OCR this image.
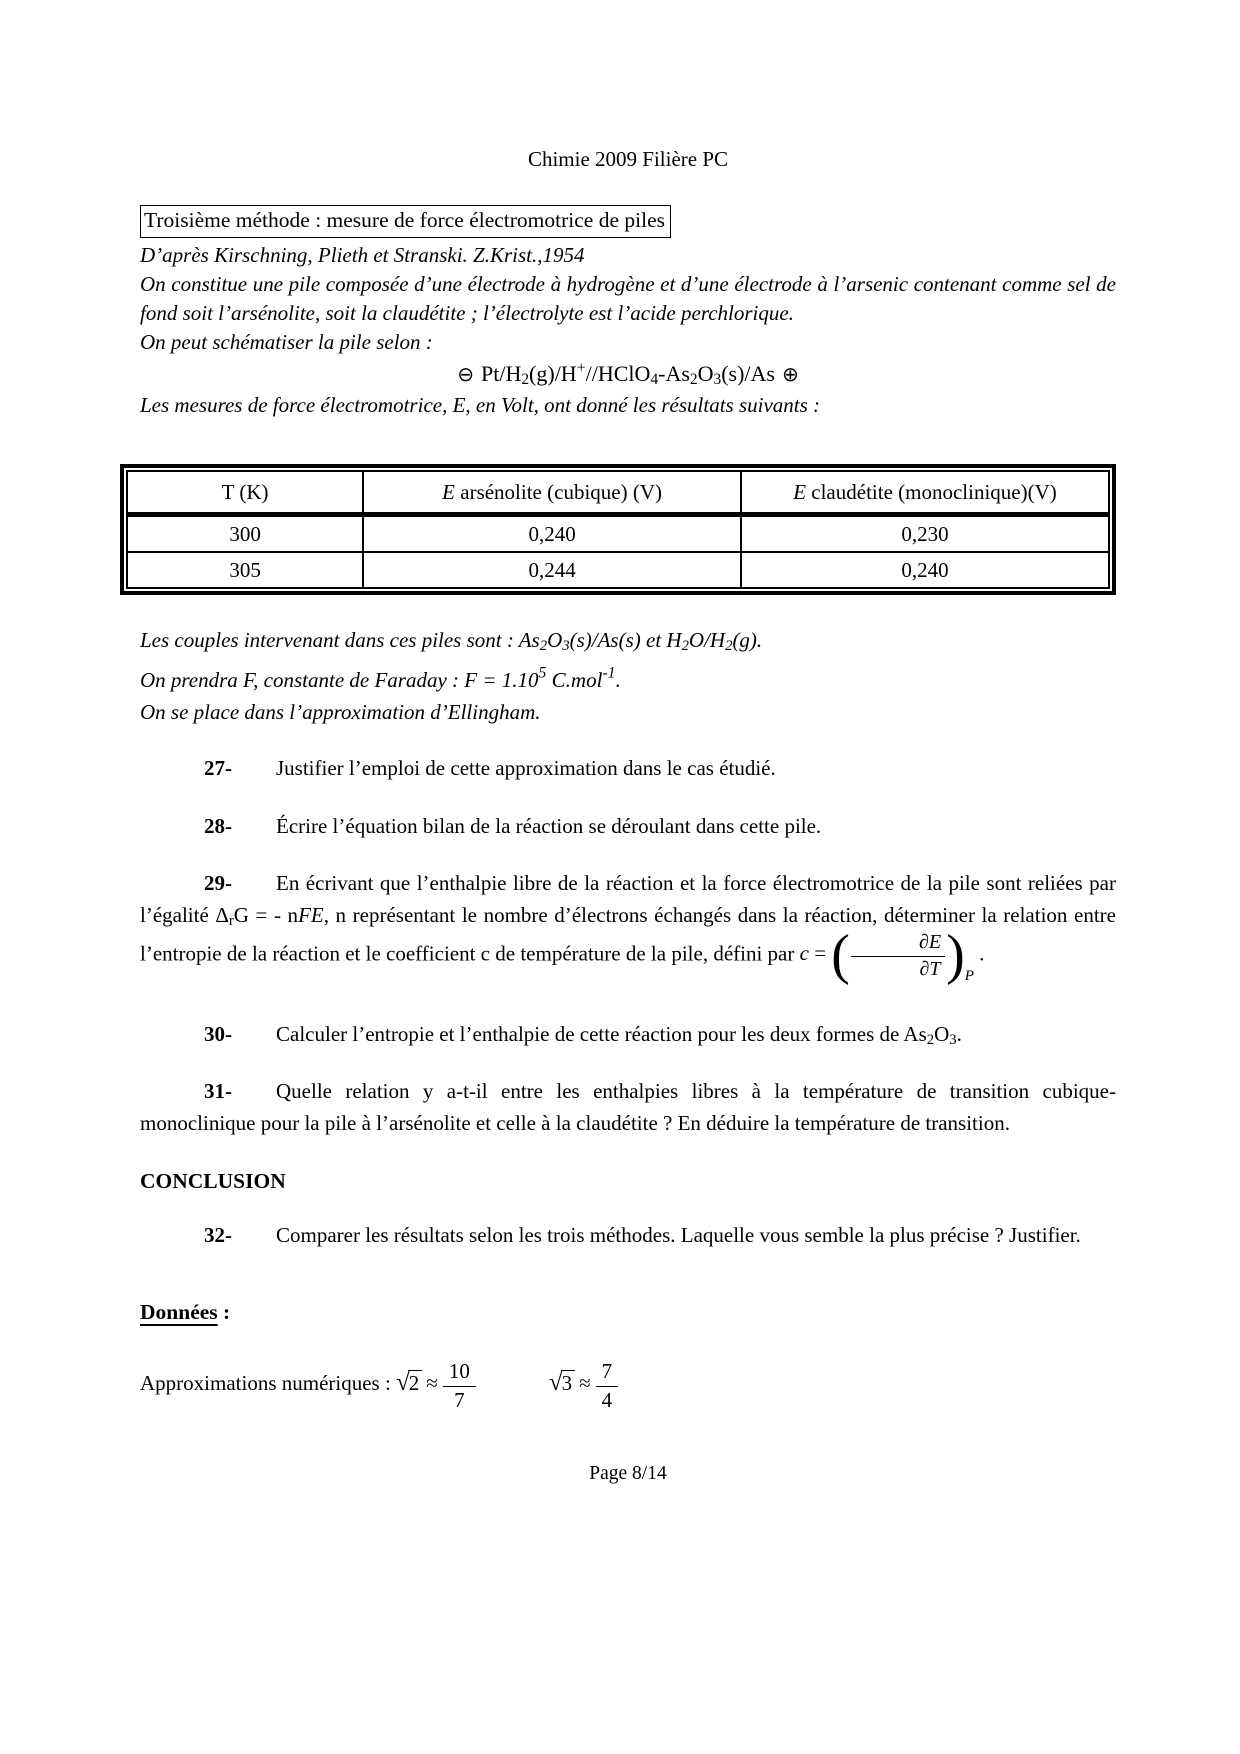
Chimie 2009 Filière PC

Troisième méthode : mesure de force électromotrice de piles

D’après Kirschning, Plieth et Stranski. Z.Krist.,1954

On constitue une pile composée d’une électrode à hydrogène et d’une électrode à l’arsenic contenant comme sel de fond soit l’arsénolite, soit la claudétite ; l’électrolyte est l’acide perchlorique.

On peut schématiser la pile selon :

⊖ $Pt/H_2(g)/H^+//HClO_4-As_2O_3(s)/As$ ⊕

Les mesures de force électromotrice, E, en Volt, ont donné les résultats suivants :

T (K)	E arsénolite (cubique) (V)	E claudétite (monoclinique)(V)
300	0,240	0,230
305	0,244	0,240

Les couples intervenant dans ces piles sont : $As_2O_3(s)/As(s)$ et $H_2O/H_2(g)$.

On prendra F, constante de Faraday : $F = 1.10^5$ C.mol$^{-1}$.

On se place dans l’approximation d’Ellingham.

27- Justifier l’emploi de cette approximation dans le cas étudié.

28- Écrire l’équation bilan de la réaction se déroulant dans cette pile.

29- En écrivant que l’enthalpie libre de la réaction et la force électromotrice de la pile sont reliées par l’égalité $\Delta_rG$ = - nFE, n représentant le nombre d’électrons échangés dans la réaction, déterminer la relation entre l’entropie de la réaction et le coefficient c de température de la pile, défini par c = ( $\frac{\partial E}{\partial T} )_P$ .

30- Calculer l’entropie et l’enthalpie de cette réaction pour les deux formes de $As_2O_3$.

31- Quelle relation y a-t-il entre les enthalpies libres à la température de transition cubique-monoclinique pour la pile à l’arsénolite et celle à la claudétite ? En déduire la température de transition.

CONCLUSION

32- Comparer les résultats selon les trois méthodes. Laquelle vous semble la plus précise ? Justifier.

Données :

Approximations numériques : $√2 \approx \frac{10}{7}$	$√3 \approx \frac{7}{4}$

Page 8/14
